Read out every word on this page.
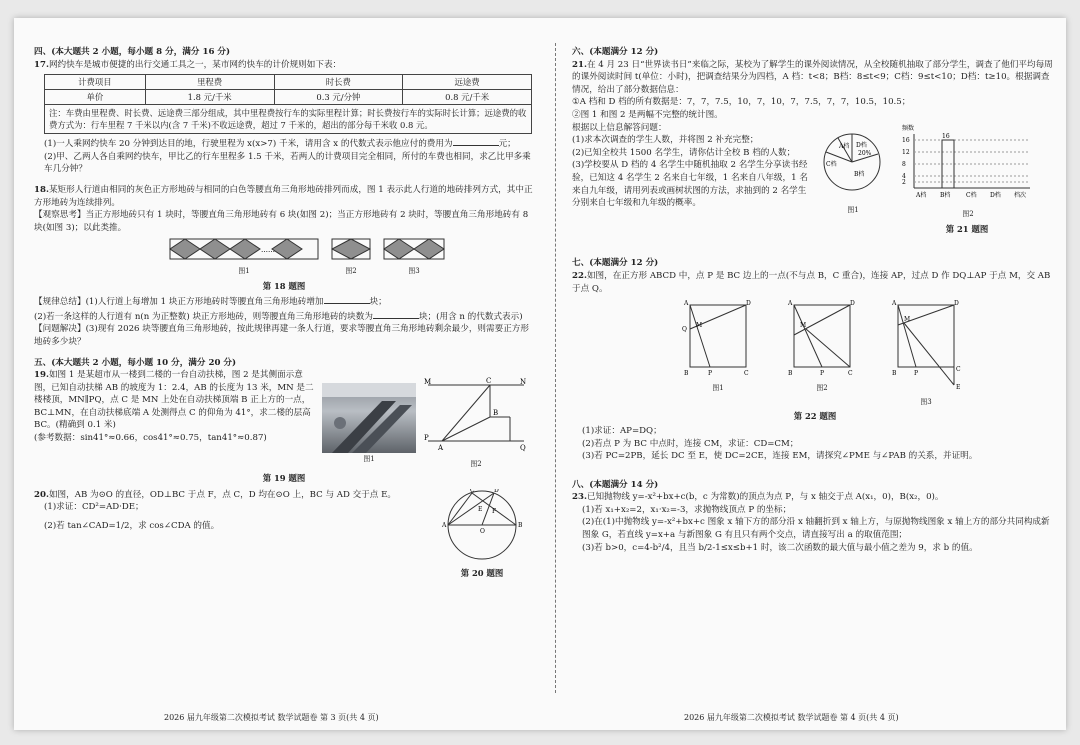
四、(本大题共 2 小题，每小题 8 分，满分 16 分)

17.网约快车是城市便捷的出行交通工具之一，某市网约快车的计价规则如下表：

计费项目	里程费	时长费	远途费
单价	1.8 元/千米	0.3 元/分钟	0.8 元/千米
注：车费由里程费、时长费、远途费三部分组成，其中里程费按行车的实际里程计算；时长费按行车的实际时长计算；远途费的收费方式为：行车里程 7 千米以内(含 7 千米)不收远途费，超过 7 千米的，超出的部分每千米收 0.8 元。			

(1)一人乘网约快车 20 分钟到达目的地，行驶里程为 x(x>7) 千米，请用含 x 的代数式表示他应付的费用为	元；

(2)甲、乙两人各自乘网约快车，甲比乙的行车里程多 1.5 千米，若两人的计费项目完全相同，所付的车费也相同，求乙比甲多乘车几分钟？

18.某矩形人行道由相同的灰色正方形地砖与相同的白色等腰直角三角形地砖排列而成，图 1 表示此人行道的地砖排列方式，其中正方形地砖为连续排列。

【观察思考】当正方形地砖只有 1 块时，等腰直角三角形地砖有 6 块(如图 2)；当正方形地砖有 2 块时，等腰直角三角形地砖有 8 块(如图 3)；以此类推。

……
图1	图2	图3
第 18 题图

【规律总结】(1)人行道上每增加 1 块正方形地砖时等腰直角三角形地砖增加	块；

(2)若一条这样的人行道有 n(n 为正整数) 块正方形地砖，则等腰直角三角形地砖的块数为	块；(用含 n 的代数式表示)

【问题解决】(3)现有 2026 块等腰直角三角形地砖，按此规律再建一条人行道，要求等腰直角三角形地砖剩余最少，则需要正方形地砖多少块？

五、(本大题共 2 小题，每小题 10 分，满分 20 分)

19.如图 1 是某超市从一楼到二楼的一台自动扶梯，图 2 是其侧面示意图，已知自动扶梯 AB 的坡度为 1：2.4，AB 的长度为 13 米，MN 是二楼楼顶，MN∥PQ，点 C 是 MN 上处在自动扶梯顶端 B 正上方的一点，BC⊥MN，在自动扶梯底端 A 处测得点 C 的仰角为 41°，求二楼的层高 BC。(精确到 0.1 米)

(参考数据：sin41°≈0.66，cos41°≈0.75，tan41°≈0.87)

图1
M	N
C
B
P
A	Q
图2
第 19 题图

20.如图，AB 为⊙O 的直径，OD⊥BC 于点 F，点 C，D 均在⊙O 上，BC 与 AD 交于点 E。

(1)求证：CD²=AD·DE；

(2)若 tan∠CAD=1/2，求 cos∠CDA 的值。

C	D
A	B
O
E F
第 20 题图
2026 届九年级第二次模拟考试 数学试题卷 第 3 页(共 4 页)
六、(本题满分 12 分)

21.在 4 月 23 日“世界读书日”来临之际，某校为了解学生的课外阅读情况，从全校随机抽取了部分学生，调查了他们平均每周的课外阅读时间 t(单位：小时)，把调查结果分为四档，A 档：t<8；B档：8≤t<9；C档：9≤t<10；D档：t≥10。根据调查情况，给出了部分数据信息：

①A 档和 D 档的所有数据是：7，7，7.5，10，7，10，7，7.5，7，7，10.5，10.5；

②图 1 和图 2 是两幅不完整的统计图。

根据以上信息解答问题：

(1)求本次调查的学生人数，并将图 2 补充完整；

(2)已知全校共 1500 名学生，请你估计全校 B 档的人数；

(3)学校要从 D 档的 4 名学生中随机抽取 2 名学生分享读书经验，已知这 4 名学生 2 名来自七年级，1 名来自八年级，1 名来自九年级，请用列表或画树状图的方法，求抽到的 2 名学生分别来自七年级和九年级的概率。

A档 D档
20%
C档
B档
图1
频数
2
4
8
12
16
16
A档 B档	C档 D档 档次
图2
第 21 题图
七、(本题满分 12 分)

22.如图，在正方形 ABCD 中，点 P 是 BC 边上的一点(不与点 B，C 重合)，连接 AP，过点 D 作 DQ⊥AP 于点 M，交 AB 于点 Q。

A	D
Q
M
B	P	C
图1
A	D
M
B	P	C
图2
A	D
M
C
E
B	P
图3
第 22 题图

(1)求证：AP=DQ；

(2)若点 P 为 BC 中点时，连接 CM，求证：CD=CM；

(3)若 PC=2PB，延长 DC 至 E，使 DC=2CE，连接 EM，请探究∠PME 与∠PAB 的关系，并证明。

八、(本题满分 14 分)

23.已知抛物线 y=-x²+bx+c(b，c 为常数)的顶点为点 P，与 x 轴交于点 A(x₁，0)，B(x₂，0)。

(1)若 x₁+x₂=2，x₁·x₂=-3，求抛物线顶点 P 的坐标；

(2)在(1)中抛物线 y=-x²+bx+c 图象 x 轴下方的部分沿 x 轴翻折到 x 轴上方，与原抛物线图象 x 轴上方的部分共同构成新图象 G，若直线 y=x+a 与新图象 G 有且只有两个交点，请直接写出 a 的取值范围；

(3)若 b>0，c=4-b²/4，且当 b/2-1≤x≤b+1 时，该二次函数的最大值与最小值之差为 9，求 b 的值。

2026 届九年级第二次模拟考试 数学试题卷 第 4 页(共 4 页)
